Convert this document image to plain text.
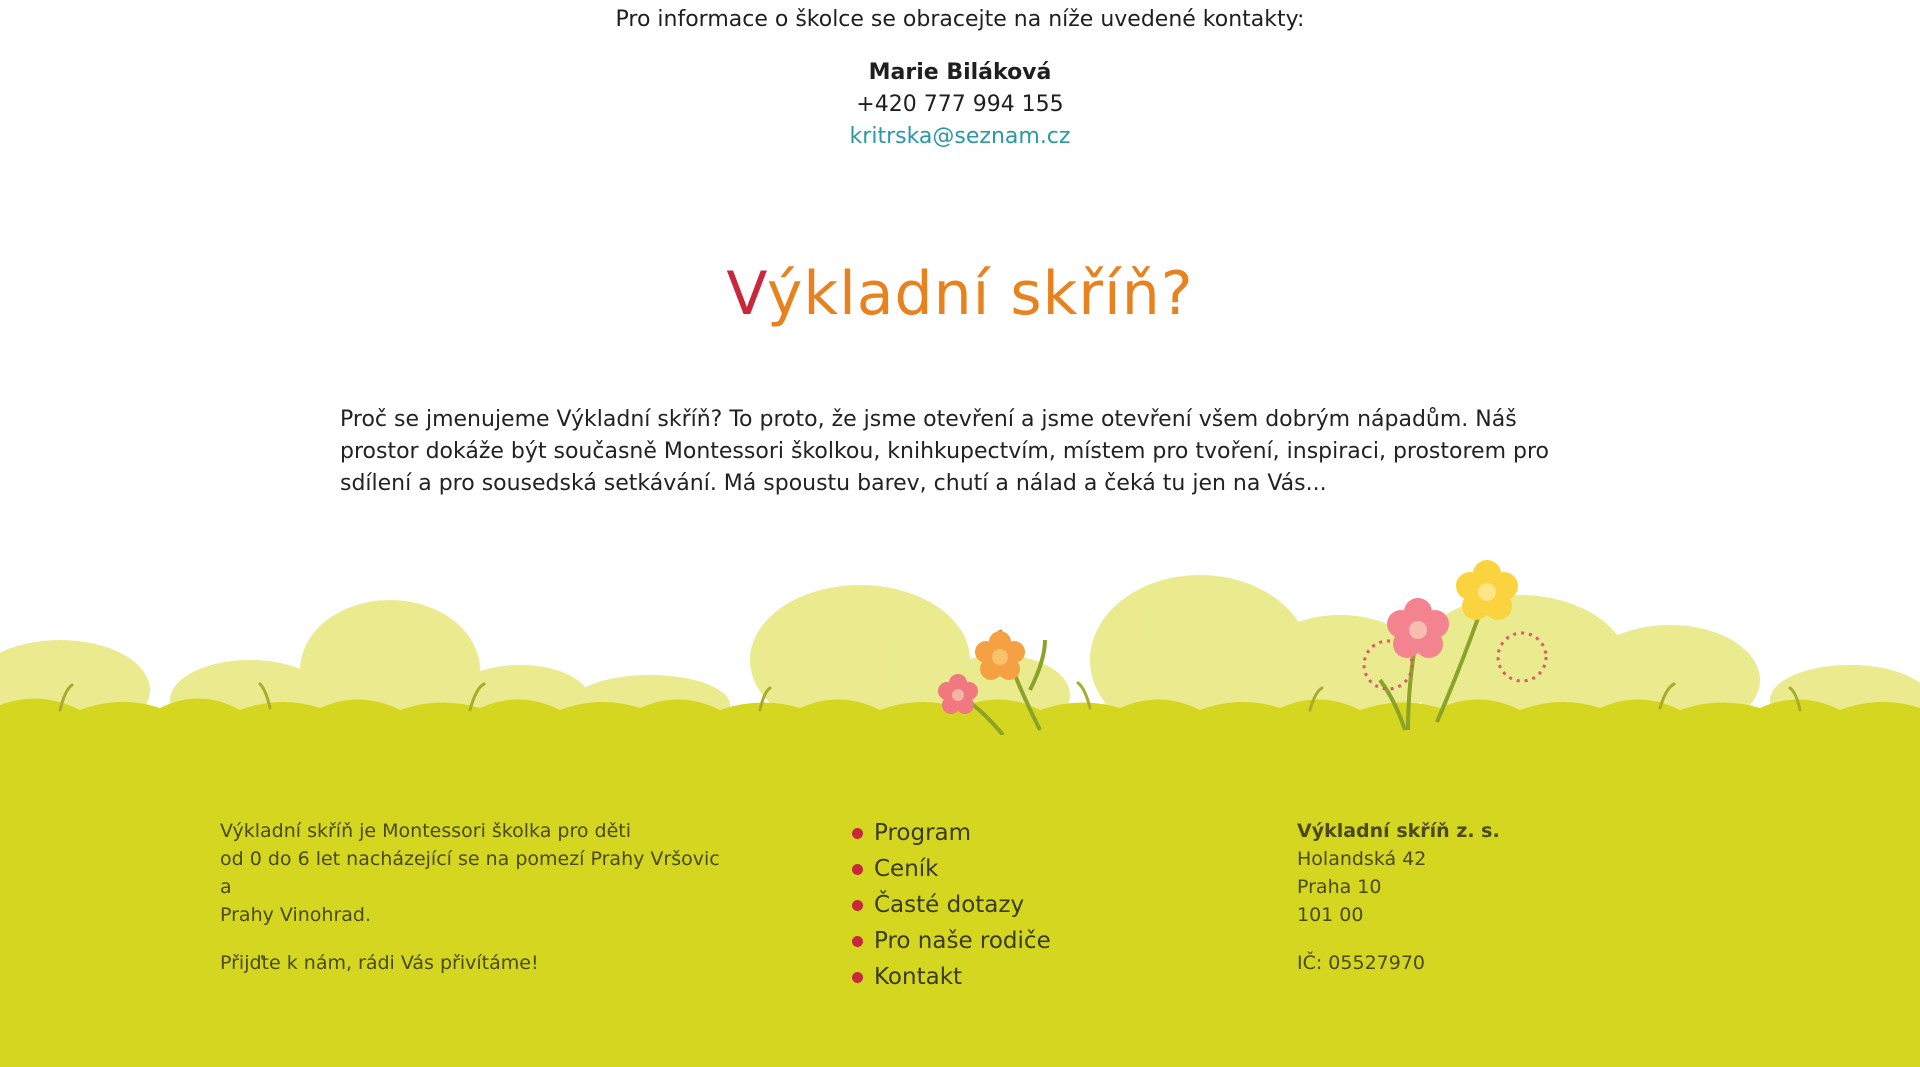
Pro informace o školce se obracejte na níže uvedené kontakty:

Marie Biláková

+420 777 994 155

kritrska@seznam.cz
Výkladní skříň?

Proč se jmenujeme Výkladní skříň? To proto, že jsme otevření a jsme otevření všem dobrým nápadům. Náš prostor dokáže být současně Montessori školkou, knihkupectvím, místem pro tvoření, inspiraci, prostorem pro sdílení a pro sousedská setkávání. Má spoustu barev, chutí a nálad a čeká tu jen na Vás...

Výkladní skříň je Montessori školka pro děti

od 0 do 6 let nacházející se na pomezí Prahy Vršovic a

Prahy Vinohrad.

Přijďte k nám, rádi Vás přivítáme!

Program
Ceník
Časté dotazy
Pro naše rodiče
Kontakt

Výkladní skříň z. s.

Holandská 42

Praha 10

101 00

IČ: 05527970
